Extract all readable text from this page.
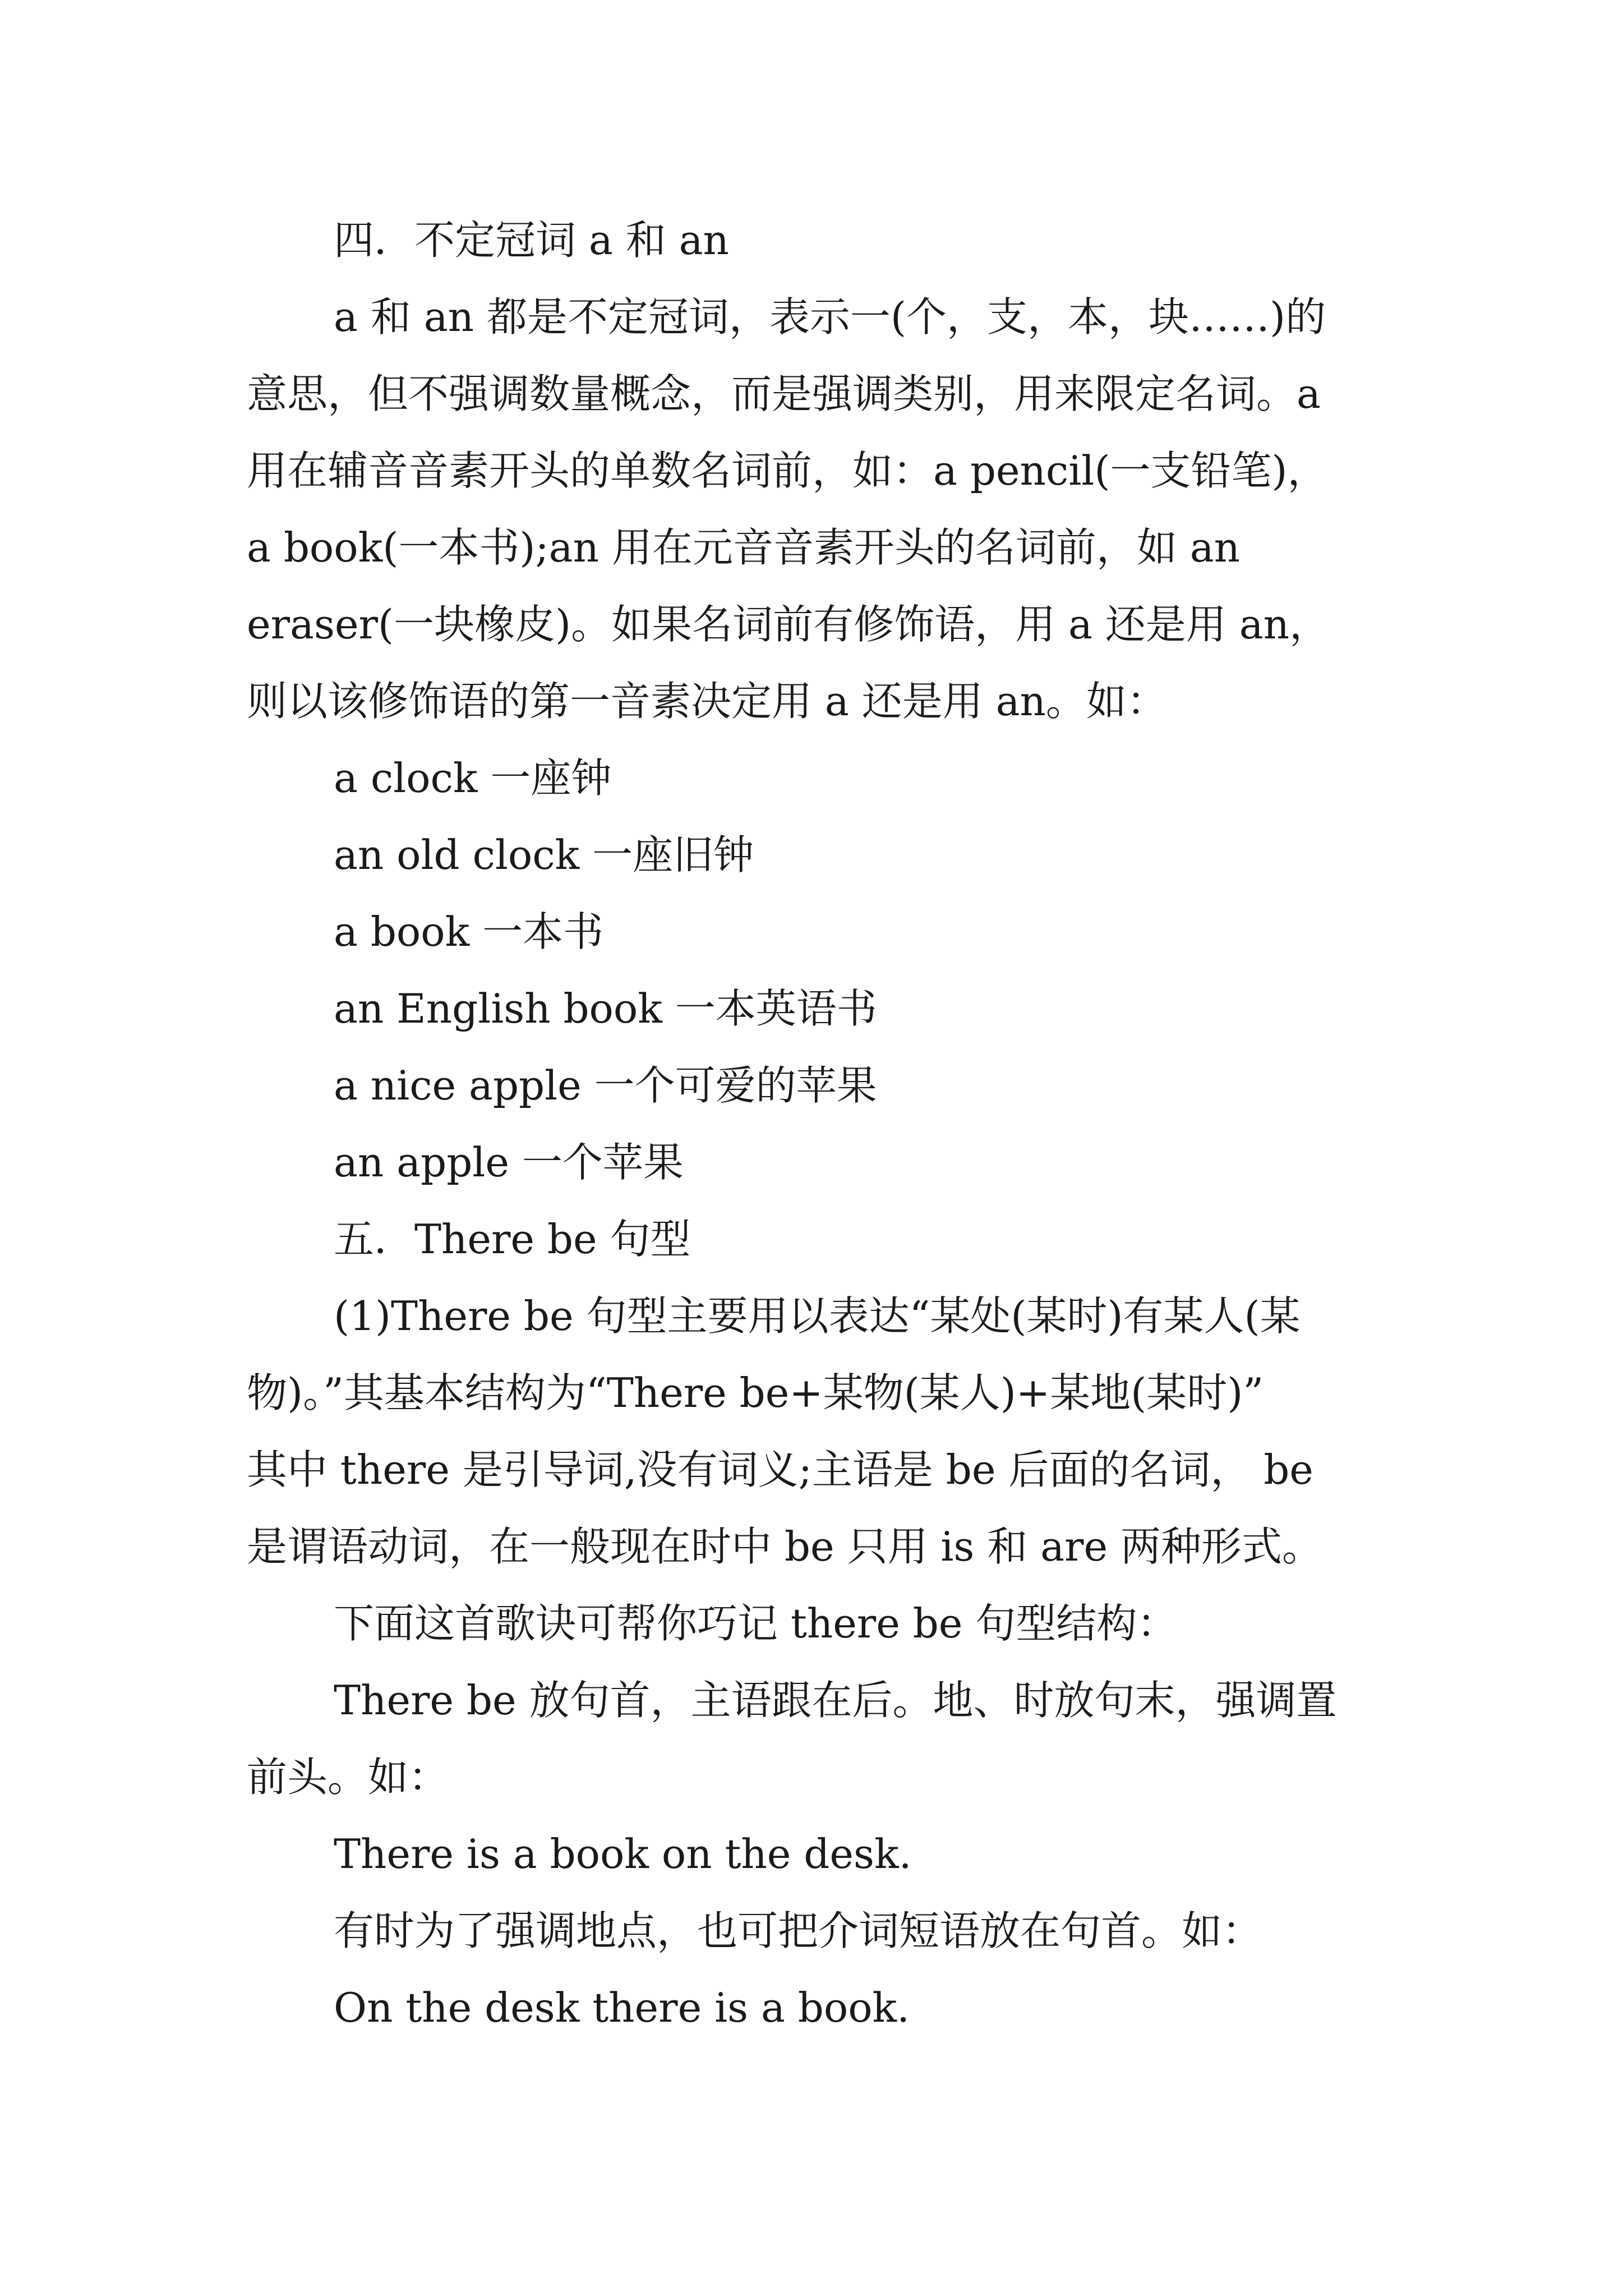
四．不定冠词 a 和 an

a 和 an 都是不定冠词，表示一(个，支，本，块……)的

意思，但不强调数量概念，而是强调类别，用来限定名词。a

用在辅音音素开头的单数名词前，如：a pencil(一支铅笔)，

a book(一本书);an 用在元音音素开头的名词前，如 an

eraser(一块橡皮)。如果名词前有修饰语，用 a 还是用 an，

则以该修饰语的第一音素决定用 a 还是用 an。如：

a clock 一座钟

an old clock 一座旧钟

a book 一本书

an English book 一本英语书

a nice apple 一个可爱的苹果

an apple 一个苹果

五．There be 句型

(1)There be 句型主要用以表达“某处(某时)有某人(某

物)。”其基本结构为“There be+某物(某人)+某地(某时)”

其中 there 是引导词,没有词义;主语是 be 后面的名词， be

是谓语动词，在一般现在时中 be 只用 is 和 are 两种形式。

下面这首歌诀可帮你巧记 there be 句型结构：

There be 放句首，主语跟在后。地、时放句末，强调置

前头。如：

There is a book on the desk.

有时为了强调地点，也可把介词短语放在句首。如：

On the desk there is a book.
